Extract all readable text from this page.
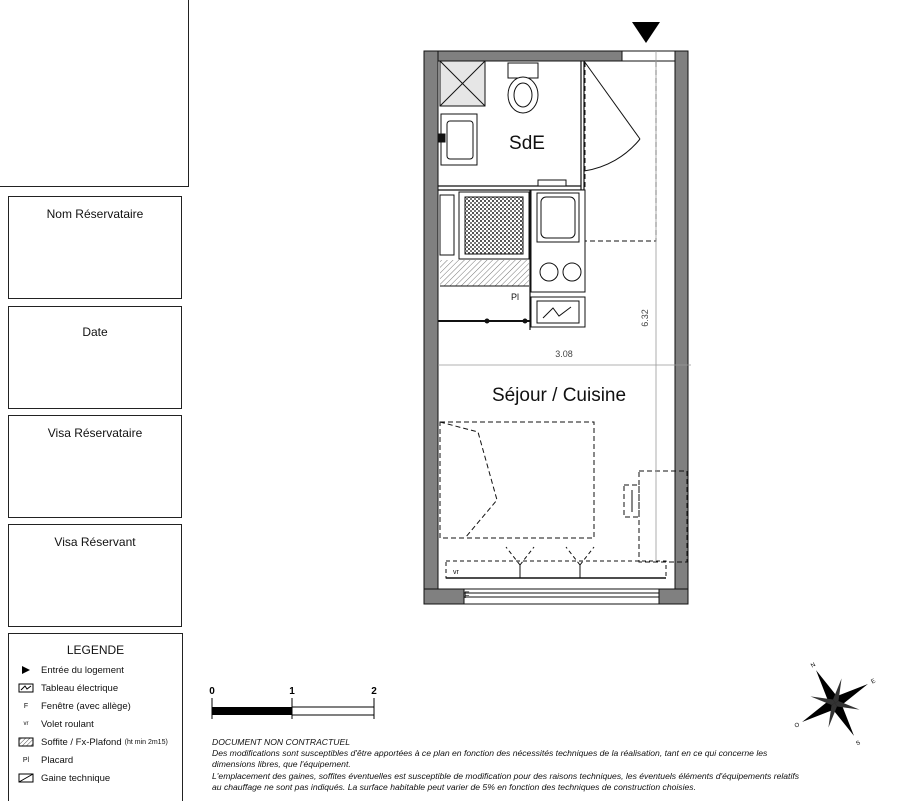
Nom Réservataire
Date
Visa Réservataire
Visa Réservant
LEGENDE
Entrée du logement
Tableau électrique
F	Fenêtre (avec allège)
vr	Volet roulant
Soffite / Fx-Plafond (ht min 2m15)
Pl	Placard
Gaine technique
3.08
6.32
SdE
Séjour / Cuisine
Pl
F
vr
0	1	2
N
E
S
O
DOCUMENT NON CONTRACTUEL
Des modifications sont susceptibles d'être apportées à ce plan en fonction des nécessités techniques de la réalisation, tant en ce qui concerne les
dimensions libres, que l'équipement.
L'emplacement des gaines, soffites éventuelles est susceptible de modification pour des raisons techniques, les éventuels éléments d'équipements relatifs
au chauffage ne sont pas indiqués. La surface habitable peut varier de 5% en fonction des techniques de construction choisies.
